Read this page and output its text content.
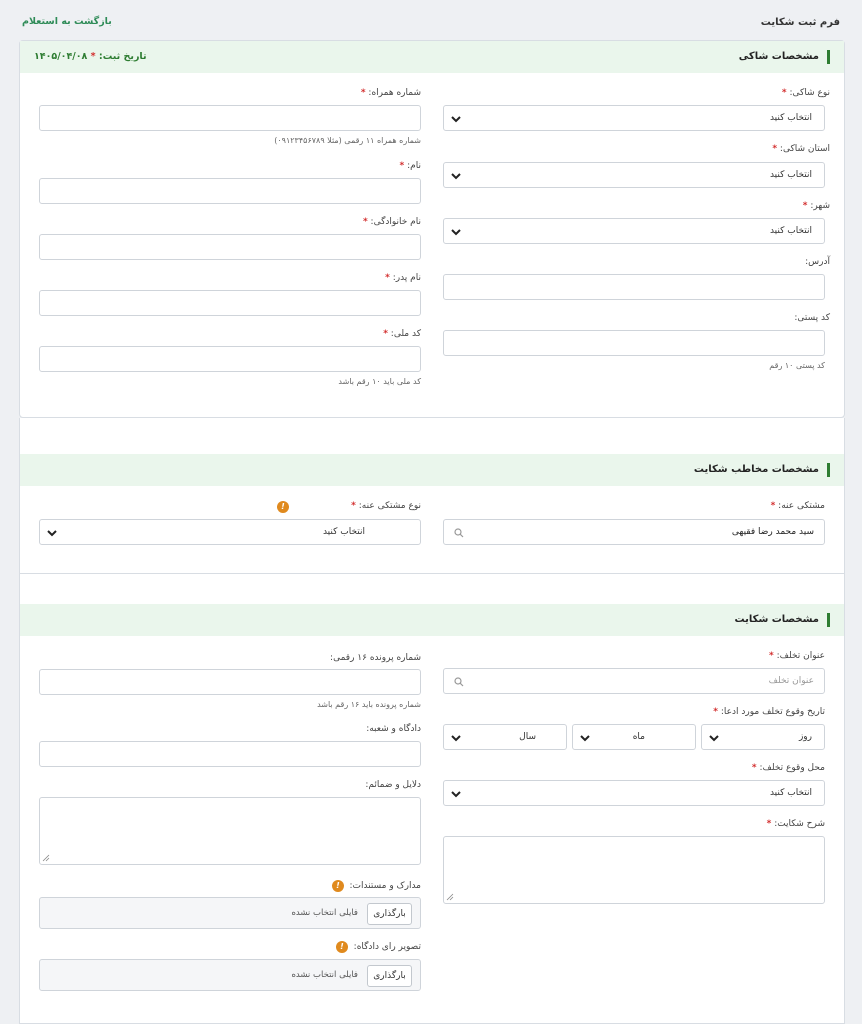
فرم ثبت شکایت
بازگشت به استعلام
مشخصات شاکی
تاریخ ثبت: * ۱۴۰۵/۰۴/۰۸
نوع شاکی: *
انتخاب کنید
استان شاکی: *
انتخاب کنید
شهر: *
انتخاب کنید
آدرس:
کد پستی:
کد پستی ۱۰ رقم
شماره همراه: *
شماره همراه ۱۱ رقمی (مثلا ۰۹۱۲۳۴۵۶۷۸۹)
نام: *
نام خانوادگی: *
نام پدر: *
کد ملی: *
کد ملی باید ۱۰ رقم باشد
مشخصات مخاطب شکایت
مشتکی عنه: *
سید محمد رضا فقیهی
نوع مشتکی عنه: *
!
انتخاب کنید
مشخصات شکایت
عنوان تخلف: *
عنوان تخلف
تاریخ وقوع تخلف مورد ادعا: *
روز
ماه
سال
محل وقوع تخلف: *
انتخاب کنید
شرح شکایت: *
شماره پرونده ۱۶ رقمی:
شماره پرونده باید ۱۶ رقم باشد
دادگاه و شعبه:
دلایل و ضمائم:
مدارک و مستندات:
!
بارگذاری
فایلی انتخاب نشده
تصویر رای دادگاه:
!
بارگذاری
فایلی انتخاب نشده
